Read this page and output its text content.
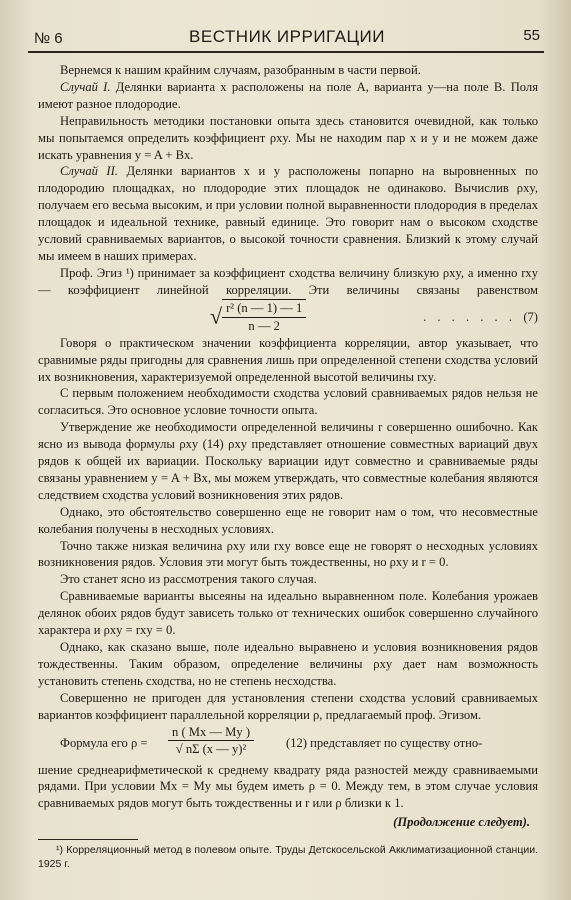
№ 6	ВЕСТНИК ИРРИГАЦИИ	55

Вернемся к нашим крайним случаям, разобранным в части первой.

Случай I. Делянки варианта x расположены на поле A, варианта y—на поле B. Поля имеют разное плодородие.

Неправильность методики постановки опыта здесь становится очевидной, как только мы попытаемся определить коэффициент ρxy. Мы не находим пар x и y и не можем даже искать уравнения y = A + Bx.

Случай II. Делянки вариантов x и y расположены попарно на выровненных по плодородию площадках, но плодородие этих площадок не одинаково. Вычислив ρxy, получаем его весьма высоким, и при условии полной выравненности плодородия в пределах площадок и идеальной технике, равный единице. Это говорит нам о высоком сходстве условий сравниваемых вариантов, о высокой точности сравнения. Близкий к этому случай мы имеем в наших примерах.

Проф. Эгиз ¹) принимает за коэффициент сходства величину близкую ρxy, а именно rxy — коэффициент линейной корреляции. Эти величины связаны равенством

√ $\frac{\text{r² (n — 1) — 1}}{n — 2}$	. . . . . . . (7)

Говоря о практическом значении коэффициента корреляции, автор указывает, что сравнимые ряды пригодны для сравнения лишь при определенной степени сходства условий их возникновения, характеризуемой определенной высотой величины rxy.

С первым положением необходимости сходства условий сравниваемых рядов нельзя не согласиться. Это основное условие точности опыта.

Утверждение же необходимости определенной величины r совершенно ошибочно. Как ясно из вывода формулы ρxy (14) ρxy представляет отношение совместных вариаций двух рядов к общей их вариации. Поскольку вариации идут совместно и сравниваемые ряды связаны уравнением y = A + Bx, мы можем утверждать, что совместные колебания являются следствием сходства условий возникновения этих рядов.

Однако, это обстоятельство совершенно еще не говорит нам о том, что несовместные колебания получены в несходных условиях.

Точно также низкая величина ρxy или rxy вовсе еще не говорят о несходных условиях возникновения рядов. Условия эти могут быть тождественны, но ρxy и r = 0.

Это станет ясно из рассмотрения такого случая.

Сравниваемые варианты высеяны на идеально выравненном поле. Колебания урожаев делянок обоих рядов будут зависеть только от технических ошибок совершенно случайного характера и ρxy = rxy = 0.

Однако, как сказано выше, поле идеально выравнено и условия возникновения рядов тождественны. Таким образом, определение величины ρxy дает нам возможность установить степень сходства, но не степень несходства.

Совершенно не пригоден для установления степени сходства условий сравниваемых вариантов коэффициент параллельной корреляции ρ, предлагаемый проф. Эгизом.

Формула его $\rho = \frac{n ( Mx — My )}{\text{√ nΣ (x — y)²}}$	(12) представляет по существу отно-

шение среднеарифметической к среднему квадрату ряда разностей между сравниваемыми рядами. При условии Mx = My мы будем иметь ρ = 0. Между тем, в этом случае условия сравниваемых рядов могут быть тождественны и r или ρ близки к 1.

(Продолжение следует).
¹) Корреляционный метод в полевом опыте. Труды Детскосельской Акклиматизационной станции. 1925 г.
